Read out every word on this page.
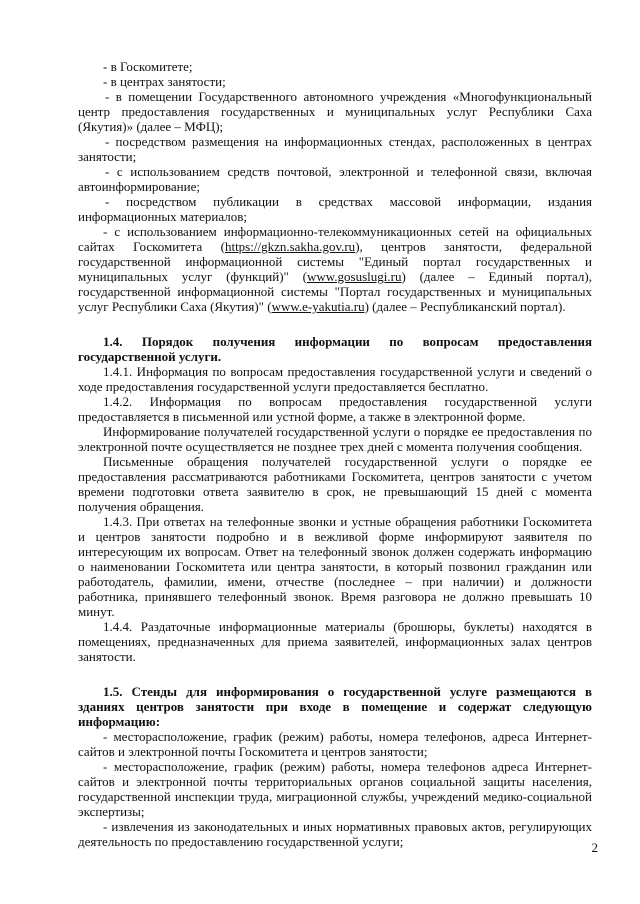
- в Госкомитете;

- в центрах занятости;

- в помещении Государственного автономного учреждения «Многофункциональный центр предоставления государственных и муниципальных услуг Республики Саха (Якутия)» (далее – МФЦ);

- посредством размещения на информационных стендах, расположенных в центрах занятости;

- с использованием средств почтовой, электронной и телефонной связи, включая автоинформирование;

- посредством публикации в средствах массовой информации, издания информационных материалов;

- с использованием информационно-телекоммуникационных сетей на официальных сайтах Госкомитета (https://gkzn.sakha.gov.ru), центров занятости, федеральной государственной информационной системы "Единый портал государственных и муниципальных услуг (функций)" (www.gosuslugi.ru) (далее – Единый портал), государственной информационной системы "Портал государственных и муниципальных услуг Республики Саха (Якутия)" (www.e-yakutia.ru) (далее – Республиканский портал).

1.4. Порядок получения информации по вопросам предоставления государственной услуги.

1.4.1. Информация по вопросам предоставления государственной услуги и сведений о ходе предоставления государственной услуги предоставляется бесплатно.

1.4.2. Информация по вопросам предоставления государственной услуги предоставляется в письменной или устной форме, а также в электронной форме.

Информирование получателей государственной услуги о порядке ее предоставления по электронной почте осуществляется не позднее трех дней с момента получения сообщения.

Письменные обращения получателей государственной услуги о порядке ее предоставления рассматриваются работниками Госкомитета, центров занятости с учетом времени подготовки ответа заявителю в срок, не превышающий 15 дней с момента получения обращения.

1.4.3. При ответах на телефонные звонки и устные обращения работники Госкомитета и центров занятости подробно и в вежливой форме информируют заявителя по интересующим их вопросам. Ответ на телефонный звонок должен содержать информацию о наименовании Госкомитета или центра занятости, в который позвонил гражданин или работодатель, фамилии, имени, отчестве (последнее – при наличии) и должности работника, принявшего телефонный звонок. Время разговора не должно превышать 10 минут.

1.4.4. Раздаточные информационные материалы (брошюры, буклеты) находятся в помещениях, предназначенных для приема заявителей, информационных залах центров занятости.

1.5. Стенды для информирования о государственной услуге размещаются в зданиях центров занятости при входе в помещение и содержат следующую информацию:

- месторасположение, график (режим) работы, номера телефонов, адреса Интернет-сайтов и электронной почты Госкомитета и центров занятости;

- месторасположение, график (режим) работы, номера телефонов адреса Интернет-сайтов и электронной почты территориальных органов социальной защиты населения, государственной инспекции труда, миграционной службы, учреждений медико-социальной экспертизы;

- извлечения из законодательных и иных нормативных правовых актов, регулирующих деятельность по предоставлению государственной услуги;	2
